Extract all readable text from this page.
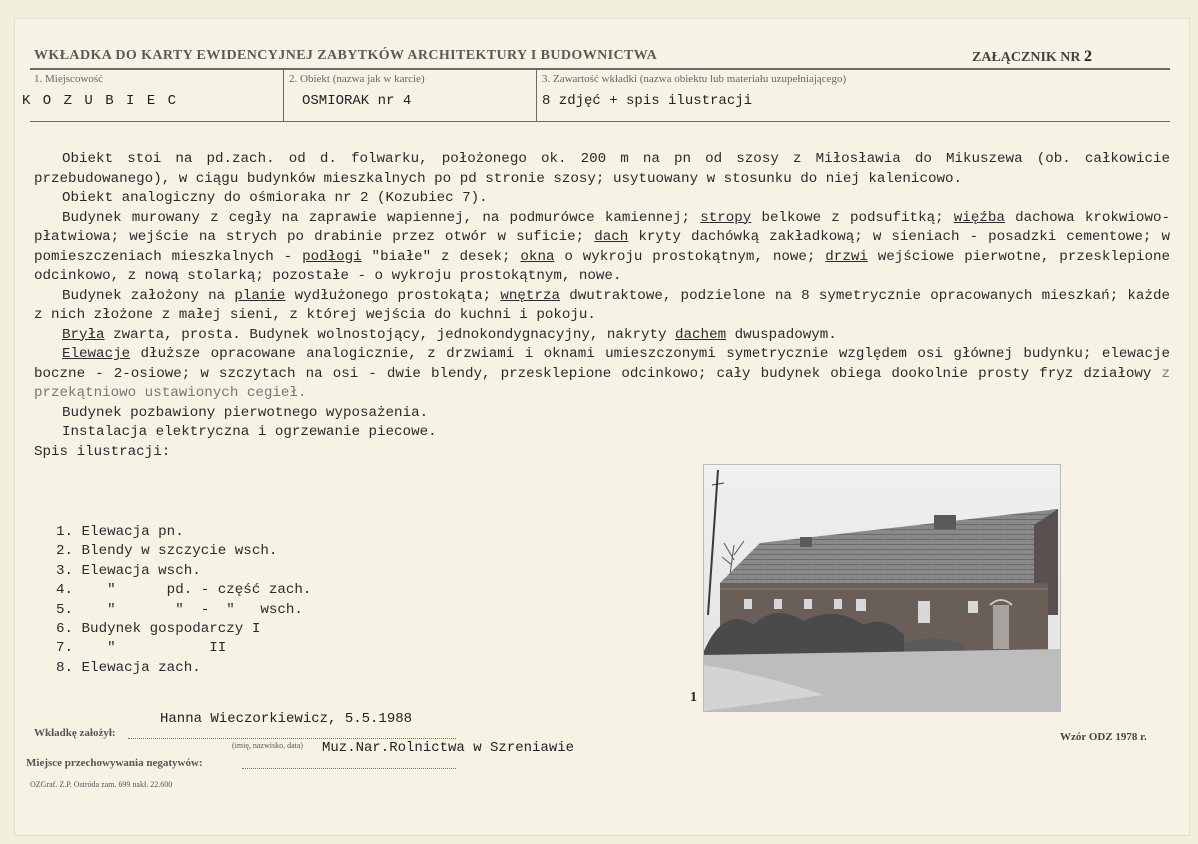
WKŁADKA DO KARTY EWIDENCYJNEJ ZABYTKÓW ARCHITEKTURY I BUDOWNICTWA	ZAŁĄCZNIK NR 2
1. Miejscowość
K O Z U B I E C
2. Obiekt (nazwa jak w karcie)
OSMIORAK nr 4
3. Zawartość wkładki (nazwa obiektu lub materiału uzupełniającego)
8 zdjęć + spis ilustracji

Obiekt stoi na pd.zach. od d. folwarku, położonego ok. 200 m na pn od szosy z Miłosławia do Mikuszewa (ob. całkowicie przebudowanego), w ciągu budynków mieszkalnych po pd stronie szosy; usytuowany w stosunku do niej kalenicowo.

Obiekt analogiczny do ośmioraka nr 2 (Kozubiec 7).

Budynek murowany z cegły na zaprawie wapiennej, na podmurówce kamiennej; stropy belkowe z podsufitką; więźba dachowa krokwiowo-płatwiowa; wejście na strych po drabinie przez otwór w suficie; dach kryty dachówką zakładkową; w sieniach - posadzki cementowe; w pomieszczeniach mieszkalnych - podłogi "białe" z desek; okna o wykroju prostokątnym, nowe; drzwi wejściowe pierwotne, przesklepione odcinkowo, z nową stolarką; pozostałe - o wykroju prostokątnym, nowe.

Budynek założony na planie wydłużonego prostokąta; wnętrza dwutraktowe, podzielone na 8 symetrycznie opracowanych mieszkań; każde z nich złożone z małej sieni, z której wejścia do kuchni i pokoju.

Bryła zwarta, prosta. Budynek wolnostojący, jednokondygnacyjny, nakryty dachem dwuspadowym.

Elewacje dłuższe opracowane analogicznie, z drzwiami i oknami umieszczonymi symetrycznie względem osi głównej budynku; elewacje boczne - 2-osiowe; w szczytach na osi - dwie blendy, przesklepione odcinkowo; cały budynek obiega dookolnie prosty fryz działowy z przekątniowo ustawionych cegieł.

Budynek pozbawiony pierwotnego wyposażenia.

Instalacja elektryczna i ogrzewanie piecowe.

Spis ilustracji:

1. Elewacja pn.
2. Blendy w szczycie wsch.
3. Elewacja wsch.
4.    "      pd. - część zach.
5.    "       "  -  "   wsch.
6. Budynek gospodarczy I
7.    "           II
8. Elewacja zach.
1
Wkładkę założył:
Hanna Wieczorkiewicz, 5.5.1988
(imię, nazwisko, data)
Miejsce przechowywania negatywów:
Muz.Nar.Rolnictwa w Szreniawie
Wzór ODZ 1978 r.
OZGraf. Z.P. Ostróda zam. 699 nakł. 22.600
